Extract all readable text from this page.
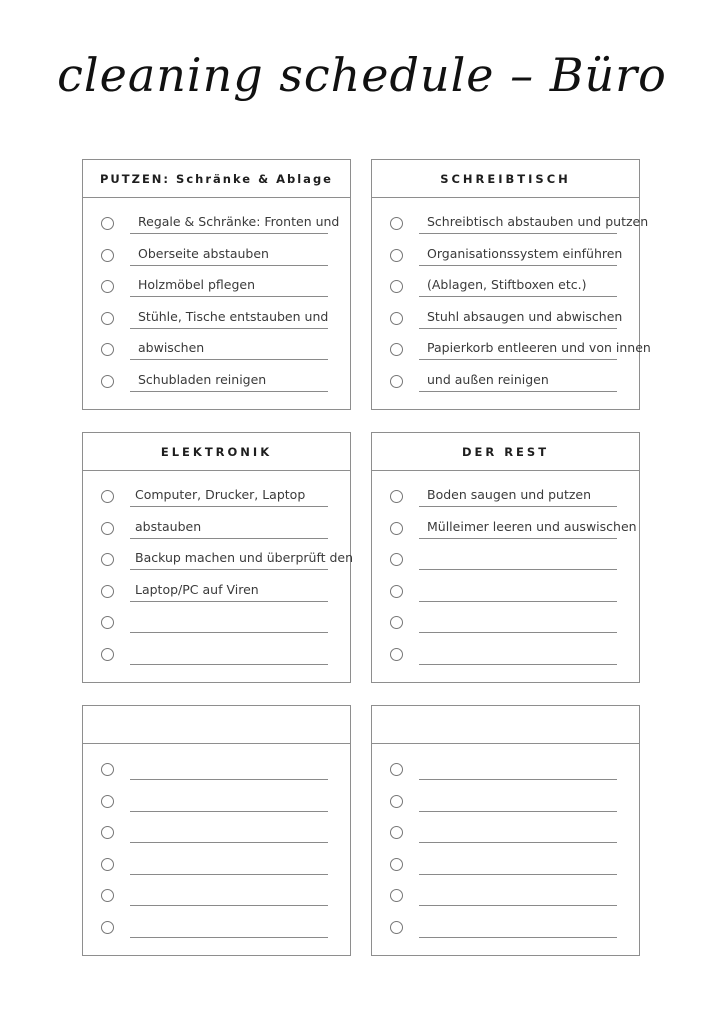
cleaning schedule – Büro
PUTZEN: Schränke & Ablage
Regale & Schränke: Fronten und
Oberseite abstauben
Holzmöbel pflegen
Stühle, Tische entstauben und
abwischen
Schubladen reinigen
SCHREIBTISCH
Schreibtisch abstauben und putzen
Organisationssystem einführen
(Ablagen, Stiftboxen etc.)
Stuhl absaugen und abwischen
Papierkorb entleeren und von innen
und außen reinigen
ELEKTRONIK
Computer, Drucker, Laptop
abstauben
Backup machen und überprüft den
Laptop/PC auf Viren
DER REST
Boden saugen und putzen
Mülleimer leeren und auswischen
